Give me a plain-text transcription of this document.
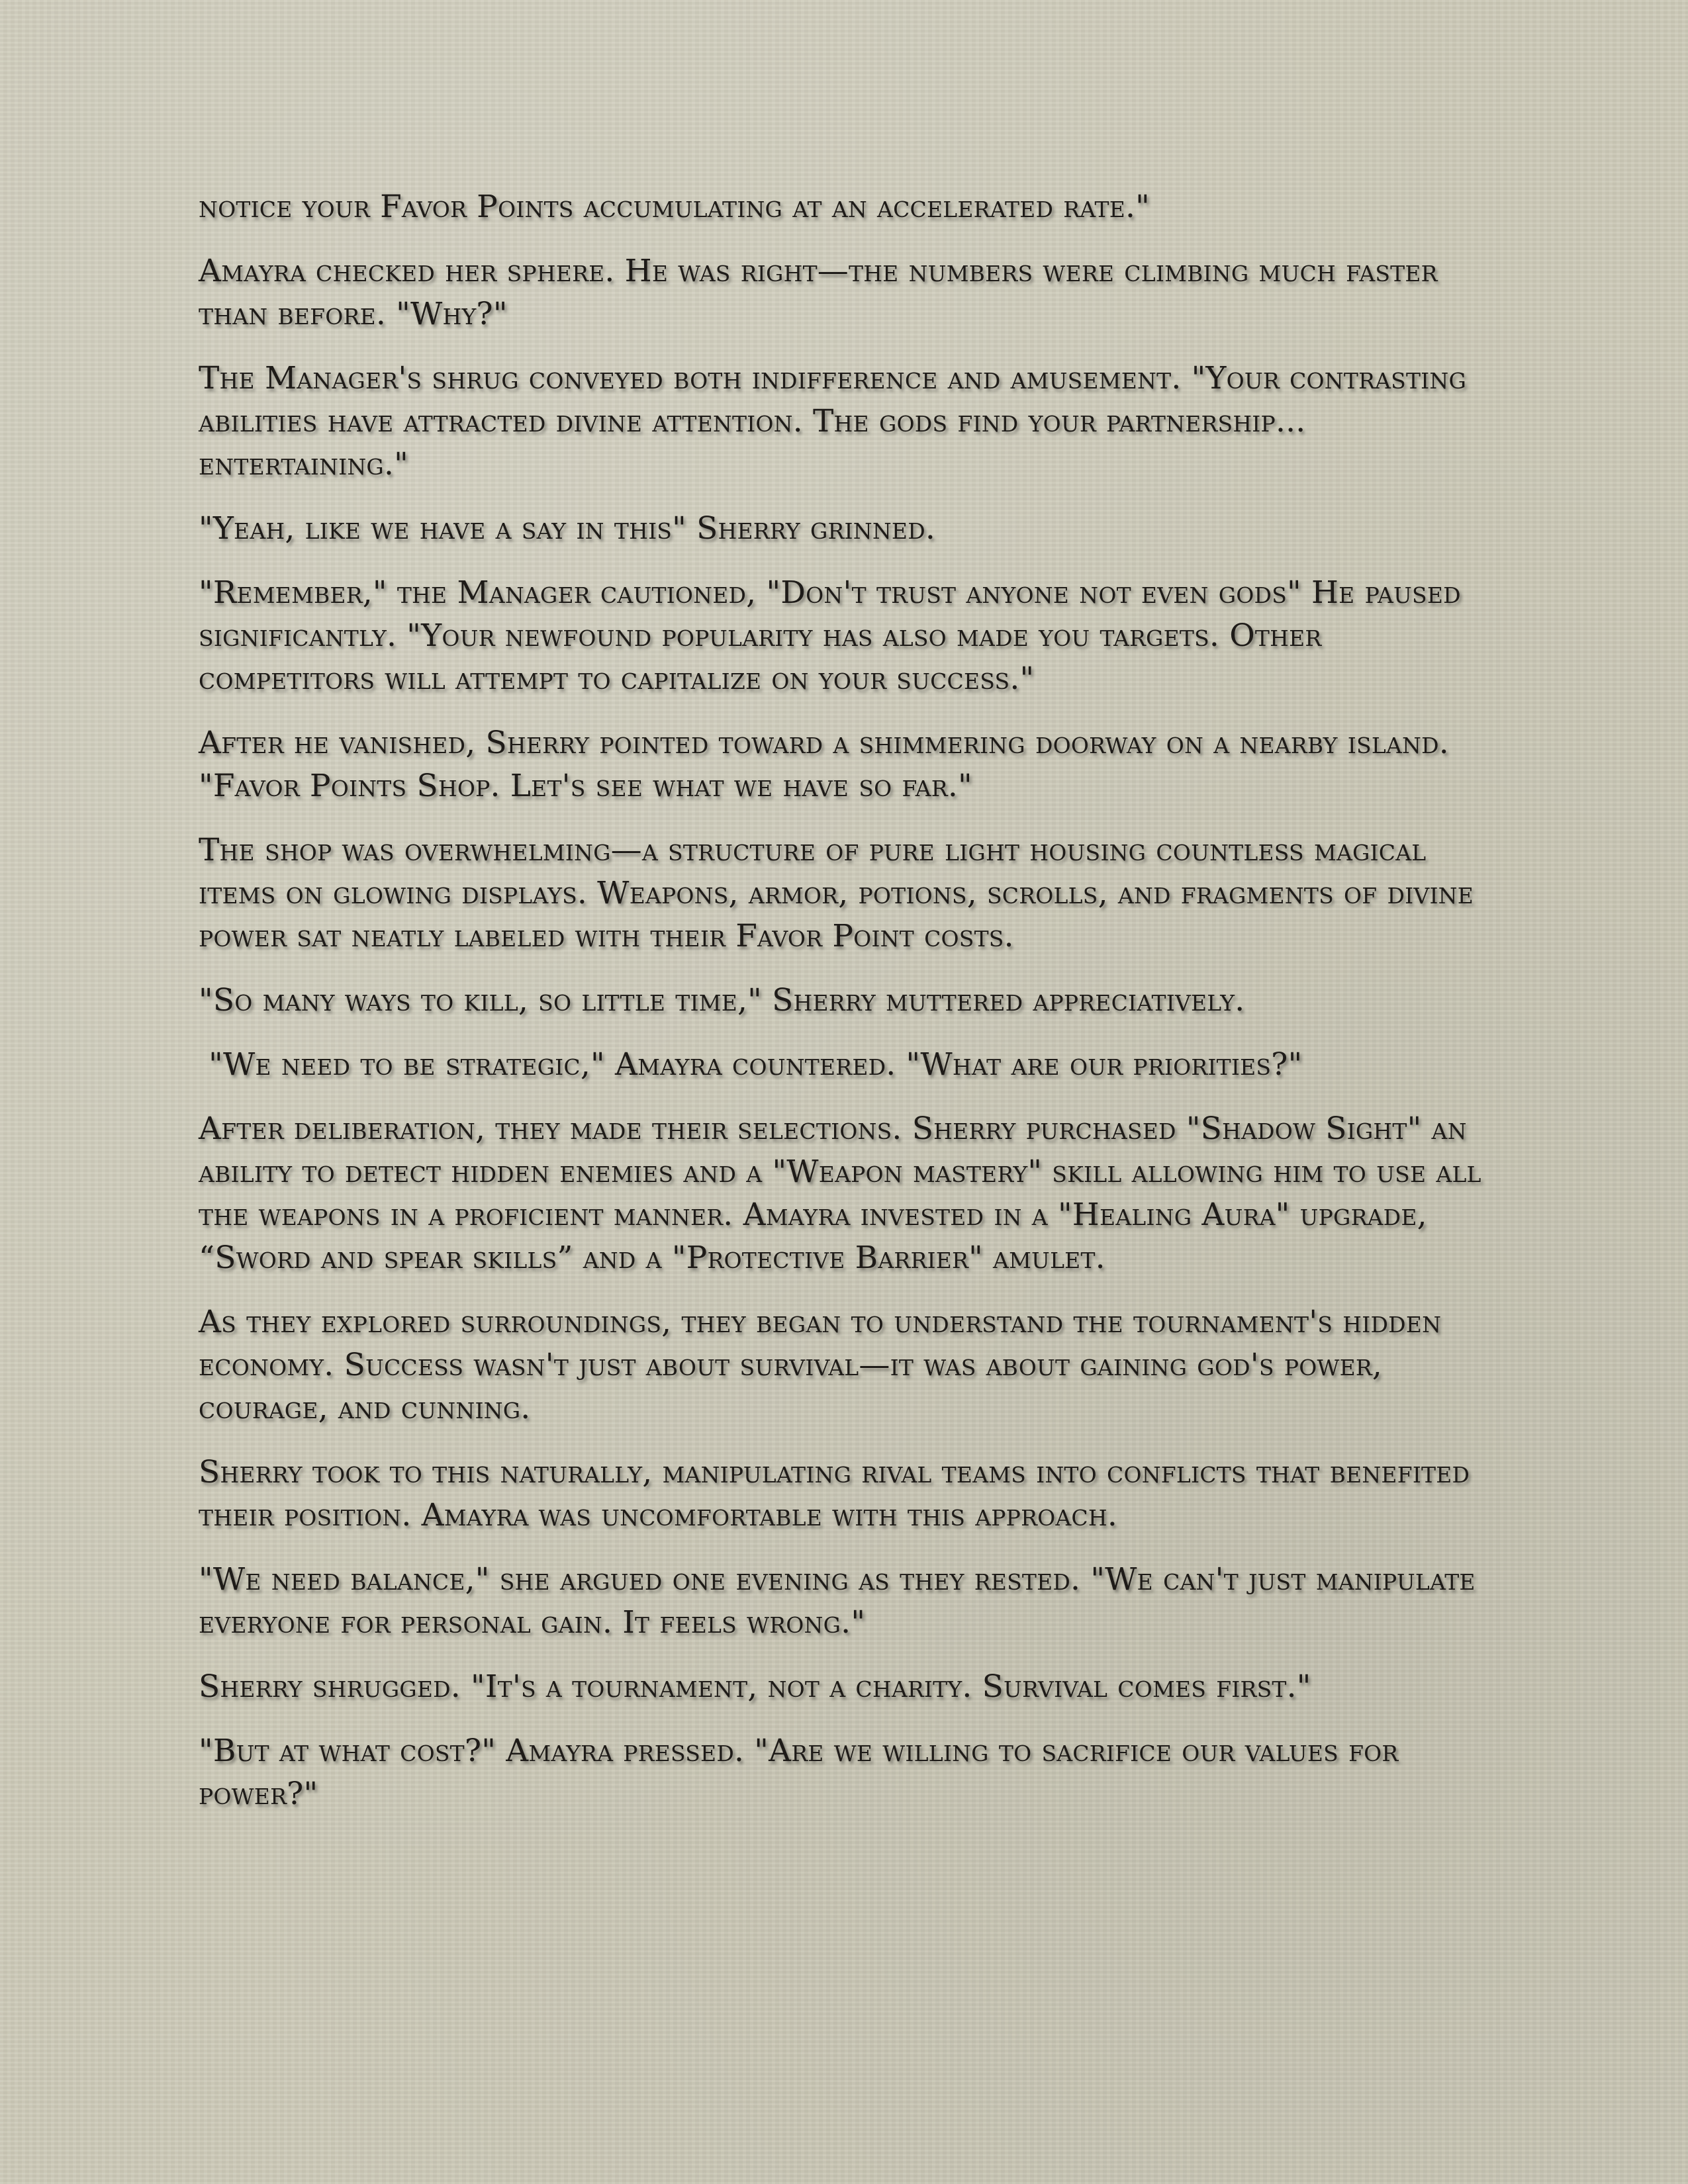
notice your Favor Points accumulating at an accelerated rate."

Amayra checked her sphere. He was right—the numbers were climbing much faster than before. "Why?"

The Manager's shrug conveyed both indifference and amusement. "Your contrasting abilities have attracted divine attention. The gods find your partnership... entertaining."

"Yeah, like we have a say in this" Sherry grinned.

"Remember," the Manager cautioned, "Don't trust anyone not even gods" He paused significantly. "Your newfound popularity has also made you targets. Other competitors will attempt to capitalize on your success."

After he vanished, Sherry pointed toward a shimmering doorway on a nearby island. "Favor Points Shop. Let's see what we have so far."

The shop was overwhelming—a structure of pure light housing countless magical items on glowing displays. Weapons, armor, potions, scrolls, and fragments of divine power sat neatly labeled with their Favor Point costs.

"So many ways to kill, so little time," Sherry muttered appreciatively.

"We need to be strategic," Amayra countered. "What are our priorities?"

After deliberation, they made their selections. Sherry purchased "Shadow Sight" an ability to detect hidden enemies and a "Weapon mastery" skill allowing him to use all the weapons in a proficient manner. Amayra invested in a "Healing Aura" upgrade, “Sword and spear skills” and a "Protective Barrier" amulet.

As they explored surroundings, they began to understand the tournament's hidden economy. Success wasn't just about survival—it was about gaining god's power, courage, and cunning.

Sherry took to this naturally, manipulating rival teams into conflicts that benefited their position. Amayra was uncomfortable with this approach.

"We need balance," she argued one evening as they rested. "We can't just manipulate everyone for personal gain. It feels wrong."

Sherry shrugged. "It's a tournament, not a charity. Survival comes first."

"But at what cost?" Amayra pressed. "Are we willing to sacrifice our values for power?"
